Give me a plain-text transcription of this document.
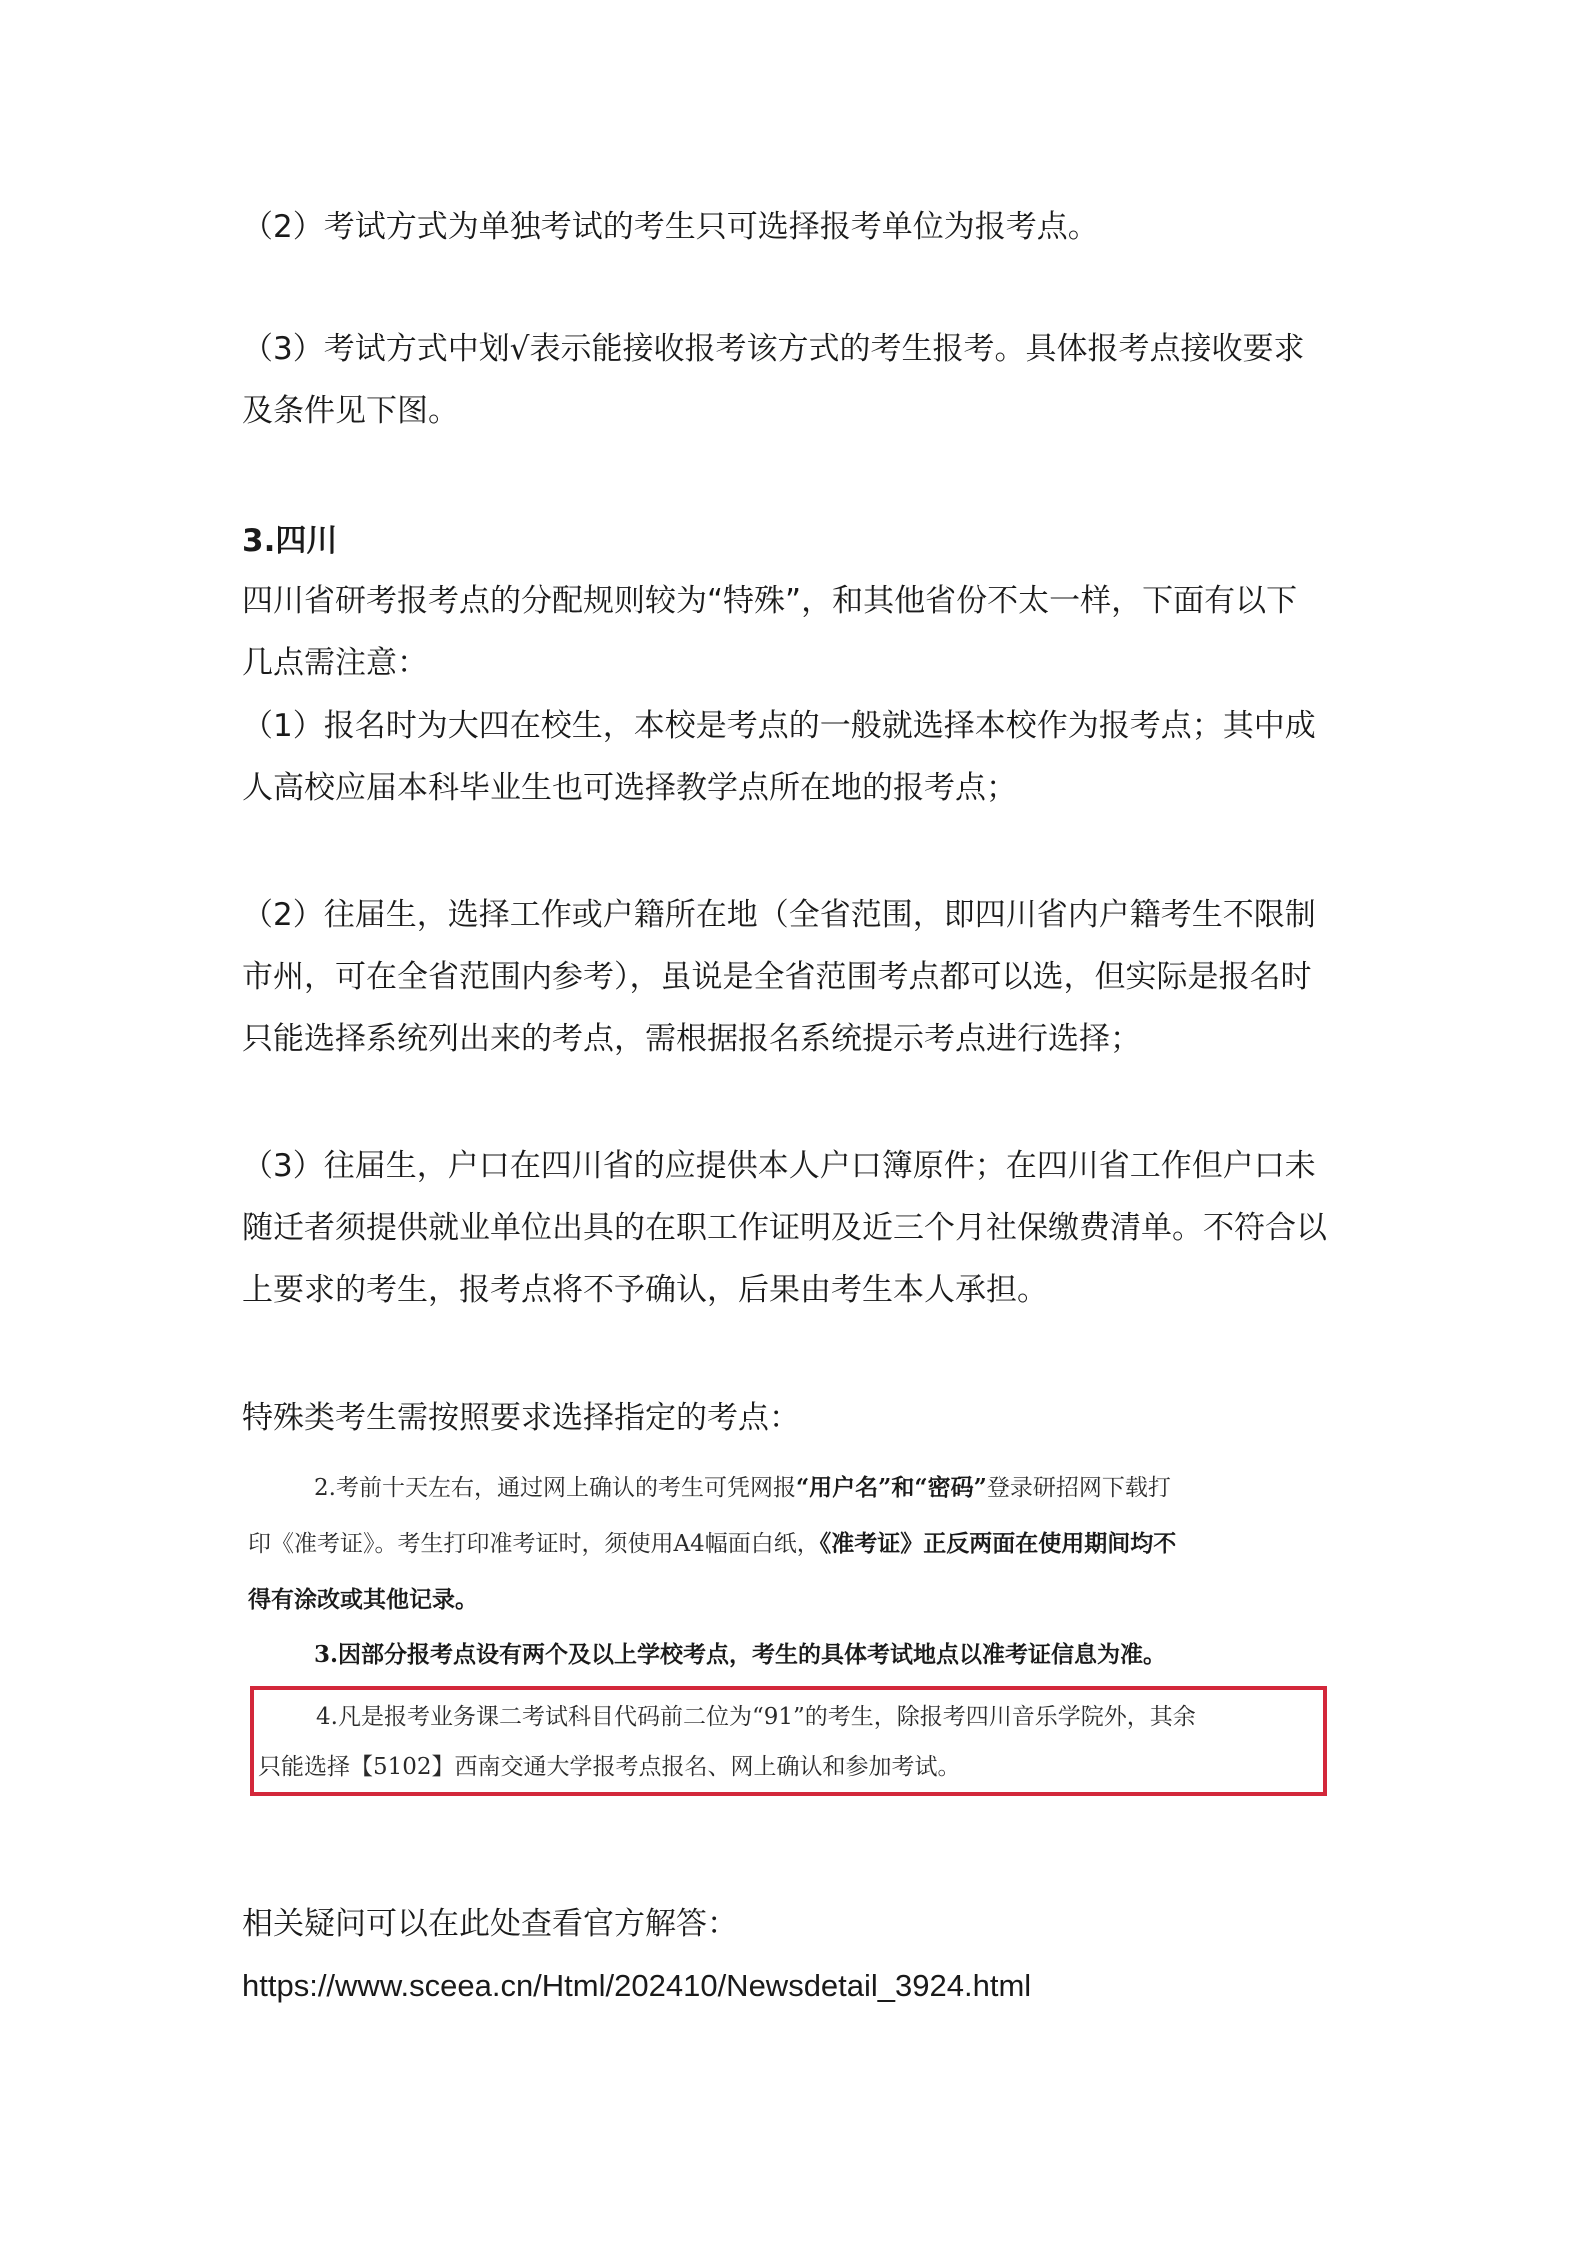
（2）考试方式为单独考试的考生只可选择报考单位为报考点。

（3）考试方式中划√表示能接收报考该方式的考生报考。具体报考点接收要求
及条件见下图。

3.四川

四川省研考报考点的分配规则较为“特殊”，和其他省份不太一样，下面有以下
几点需注意：

（1）报名时为大四在校生，本校是考点的一般就选择本校作为报考点；其中成
人高校应届本科毕业生也可选择教学点所在地的报考点；

（2）往届生，选择工作或户籍所在地（全省范围，即四川省内户籍考生不限制
市州，可在全省范围内参考），虽说是全省范围考点都可以选，但实际是报名时
只能选择系统列出来的考点，需根据报名系统提示考点进行选择；

（3）往届生，户口在四川省的应提供本人户口簿原件；在四川省工作但户口未
随迁者须提供就业单位出具的在职工作证明及近三个月社保缴费清单。不符合以
上要求的考生，报考点将不予确认，后果由考生本人承担。

特殊类考生需按照要求选择指定的考点：

2.考前十天左右，通过网上确认的考生可凭网报“用户名”和“密码”登录研招网下载打
印《准考证》。考生打印准考证时，须使用A4幅面白纸，《准考证》正反两面在使用期间均不
得有涂改或其他记录。
3.因部分报考点设有两个及以上学校考点，考生的具体考试地点以准考证信息为准。
4.凡是报考业务课二考试科目代码前二位为“91”的考生，除报考四川音乐学院外，其余
只能选择【5102】西南交通大学报考点报名、网上确认和参加考试。

相关疑问可以在此处查看官方解答：

https://www.sceea.cn/Html/202410/Newsdetail_3924.html
